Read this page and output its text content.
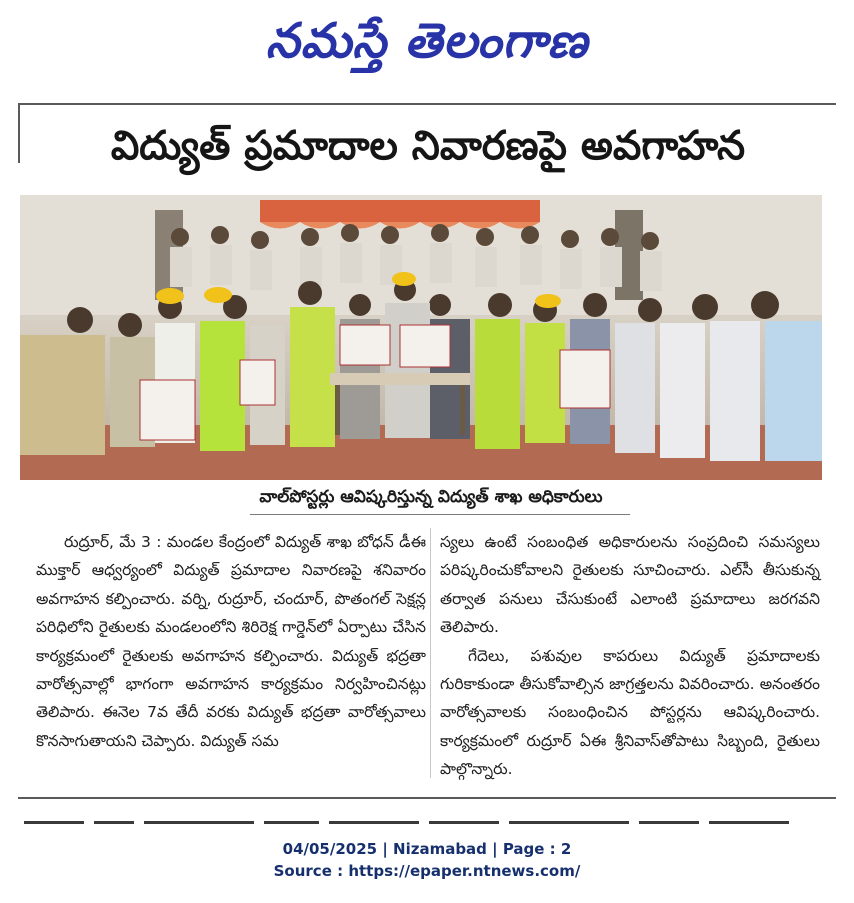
నమస్తే తెలంగాణ
విద్యుత్ ప్రమాదాల నివారణపై అవగాహన
వాల్‌పోస్టర్లు ఆవిష్కరిస్తున్న విద్యుత్ శాఖ అధికారులు
రుద్రూర్, మే 3 : మండల కేంద్రంలో విద్యుత్ శాఖ బోధన్ డీఈ ముక్తార్ ఆధ్వర్యంలో విద్యుత్ ప్రమాదాల నివారణపై శనివారం అవగాహన కల్పించారు. వర్ని, రుద్రూర్, చందూర్, పొతంగల్ సెక్షన్ల పరిధిలోని రైతులకు మండలంలోని శిరిరెక్ష గార్డెన్‌లో ఏర్పాటు చేసిన కార్యక్రమంలో రైతులకు అవగాహన కల్పించారు. విద్యుత్ భద్రతా వారోత్సవాల్లో భాగంగా అవగాహన కార్యక్రమం నిర్వహించినట్లు తెలిపారు. ఈనెల 7వ తేదీ వరకు విద్యుత్ భద్రతా వారోత్సవాలు కొనసాగుతాయని చెప్పారు. విద్యుత్ సమ

స్యలు ఉంటే సంబంధిత అధికారులను సంప్రదించి సమస్యలు పరిష్కరించుకోవాలని రైతులకు సూచించారు. ఎల్‌సీ తీసుకున్న తర్వాత పనులు చేసుకుంటే ఎలాంటి ప్రమాదాలు జరగవని తెలిపారు.

గేదెలు, పశువుల కాపరులు విద్యుత్ ప్రమాదాలకు గురికాకుండా తీసుకోవాల్సిన జాగ్రత్తలను వివరించారు. అనంతరం వారోత్సవాలకు సంబంధించిన పోస్టర్లను ఆవిష్కరించారు. కార్యక్రమంలో రుద్రూర్ ఏఈ శ్రీనివాస్‌తోపాటు సిబ్బంది, రైతులు పాల్గొన్నారు.

04/05/2025 | Nizamabad | Page : 2
Source : https://epaper.ntnews.com/
